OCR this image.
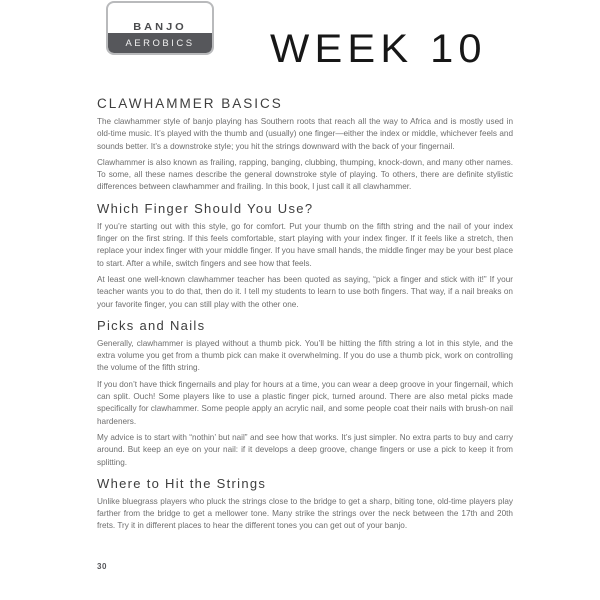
BANJO
AEROBICS WEEK 10
CLAWHAMMER BASICS

The clawhammer style of banjo playing has Southern roots that reach all the way to Africa and is mostly used in old-time music. It’s played with the thumb and (usually) one finger—either the index or middle, whichever feels and sounds better. It’s a downstroke style; you hit the strings downward with the back of your fingernail.

Clawhammer is also known as frailing, rapping, banging, clubbing, thumping, knock-down, and many other names. To some, all these names describe the general downstroke style of playing. To others, there are definite stylistic differences between clawhammer and frailing. In this book, I just call it all clawhammer.

Which Finger Should You Use?

If you’re starting out with this style, go for comfort. Put your thumb on the fifth string and the nail of your index finger on the first string. If this feels comfortable, start playing with your index finger. If it feels like a stretch, then replace your index finger with your middle finger. If you have small hands, the middle finger may be your best place to start. After a while, switch fingers and see how that feels.

At least one well-known clawhammer teacher has been quoted as saying, “pick a finger and stick with it!” If your teacher wants you to do that, then do it. I tell my students to learn to use both fingers. That way, if a nail breaks on your favorite finger, you can still play with the other one.

Picks and Nails

Generally, clawhammer is played without a thumb pick. You’ll be hitting the fifth string a lot in this style, and the extra volume you get from a thumb pick can make it overwhelming. If you do use a thumb pick, work on controlling the volume of the fifth string.

If you don’t have thick fingernails and play for hours at a time, you can wear a deep groove in your fingernail, which can split. Ouch! Some players like to use a plastic finger pick, turned around. There are also metal picks made specifically for clawhammer. Some people apply an acrylic nail, and some people coat their nails with brush-on nail hardeners.

My advice is to start with “nothin’ but nail” and see how that works. It’s just simpler. No extra parts to buy and carry around. But keep an eye on your nail: if it develops a deep groove, change fingers or use a pick to keep it from splitting.

Where to Hit the Strings

Unlike bluegrass players who pluck the strings close to the bridge to get a sharp, biting tone, old-time players play farther from the bridge to get a mellower tone. Many strike the strings over the neck between the 17th and 20th frets. Try it in different places to hear the different tones you can get out of your banjo.

30
